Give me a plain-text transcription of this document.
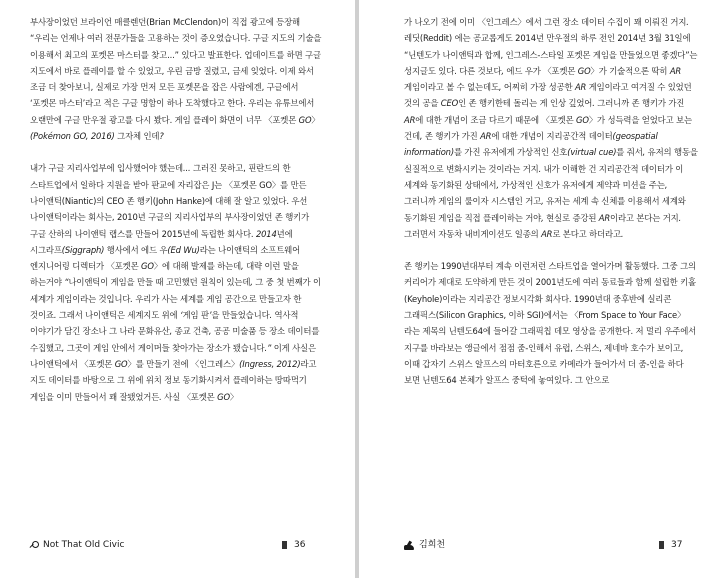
부사장이었던 브라이언 매클렌던(Brian McClendon)이 직접 광고에 등장해 “우리는 언제나 여러 전문가들을 고용하는 것이 증오였습니다. 구글 지도의 기술을 이용해서 최고의 포켓몬 마스터를 찾고...” 있다고 발표한다. 업데이트를 하면 구글 지도에서 바로 플레이를 할 수 있었고, 우린 금방 질렸고, 금세 잊었다. 이제 와서 조금 더 찾아보니, 실제로 가장 먼저 모든 포켓몬을 잡은 사람에겐, 구글에서 ‘포켓몬 마스터’라고 적은 구글 명함이 하나 도착했다고 한다. 우리는 유튜브에서 오랜만에 구글 만우절 광고를 다시 봤다. 게임 플레이 화면이 너무 〈포켓몬 GO〉(Pokémon GO, 2016) 그자체 인데?

내가 구글 지리사업부에 입사했어야 했는데... 그러진 못하고, 핀란드의 한 스타트업에서 일하다 지원을 받아 판교에 자리잡은 J는 〈포켓몬 GO〉를 만든 나이앤틱(Niantic)의 CEO 존 행키(John Hanke)에 대해 잘 알고 있었다. 우선 나이앤틱이라는 회사는, 2010년 구글의 지리사업부의 부사장이었던 존 행키가 구글 산하의 나이앤틱 랩스를 만들어 2015년에 독립한 회사다. 2014년에 시그라프(Siggraph) 행사에서 에드 우(Ed Wu)라는 나이앤틱의 소프트웨어 엔지니어링 디렉터가 〈포켓몬 GO〉에 대해 발제를 하는데, 대략 이런 말을 하는거야 “나이앤틱이 게임을 만들 때 고민했던 원칙이 있는데, 그 중 첫 번째가 이 세계가 게임이라는 것입니다. 우리가 사는 세계를 게임 공간으로 만들고자 한 것이죠. 그래서 나이앤틱은 세계지도 위에 ‘게임 판’을 만들었습니다. 역사적 이야기가 담긴 장소나 그 나라 문화유산, 종교 건축, 공공 미술품 등 장소 데이터를 수집했고, 그곳이 게임 안에서 게이머들 찾아가는 장소가 됐습니다.” 이게 사실은 나이앤틱에서 〈포켓몬 GO〉를 만들기 전에 〈인그레스〉(Ingress, 2012)라고 지도 데이터를 바탕으로 그 위에 위치 정보 동기화시켜서 플레이하는 땅따먹기 게임을 이미 만들어서 꽤 잘됐었거든. 사실 〈포켓몬 GO〉

Not That Old Civic	36

가 나오기 전에 이미 〈인그레스〉에서 그런 장소 데이터 수집이 꽤 이뤄진 거지. 레딧(Reddit) 에는 공교롭게도 2014년 만우절의 하루 전인 2014년 3월 31일에 “닌텐도가 나이앤틱과 합께, 인그레스-스타일 포켓몬 게임을 만들었으면 좋겠다”는 성지글도 있다. 다른 것보다, 에드 우가 〈포켓몬 GO〉가 기술적으론 딱히 AR 게임이라고 볼 수 없는데도, 어찌히 가장 성공한 AR 게임이라고 여겨질 수 있었던 것의 공을 CEO인 존 행키한테 돌리는 게 인상 깊었어. 그러니까 존 행키가 가진 AR에 대한 개념이 조금 다르기 때문에 〈포켓몬 GO〉가 성득력을 얻었다고 보는 건데, 존 행키가 가진 AR에 대한 개념이 지리공간적 데이터(geospatial information)를 가진 유저에게 가상적인 신호(virtual cue)를 줘서, 유저의 행동을 실질적으로 변화시키는 것이라는 거지. 내가 이해한 건 지리공간적 데이터가 이 세계와 동기화된 상태에서, 가상적인 신호가 유저에게 제약과 미션을 주는, 그러니까 게임의 룰이자 시스템인 거고, 유저는 세계 속 신체를 이용해서 세계와 동기화된 게임을 직접 플레이하는 거야, 현실로 증강된 AR이라고 본다는 거지. 그러면서 자동차 내비게이션도 일종의 AR로 본다고 하더라고.

존 행키는 1990년대부터 계속 이런저런 스타트업을 열어가며 활동했다. 그중 그의 커리어가 제대로 도약하게 만든 것이 2001년도에 여러 동료들과 함께 설립한 키홀(Keyhole)이라는 지리공간 정보시각화 회사다. 1990년대 중후반에 실리콘 그래픽스(Silicon Graphics, 이하 SGI)에서는 〈From Space to Your Face〉라는 제목의 닌텐도64에 들어갈 그래픽칩 데모 영상을 공개한다. 저 멀리 우주에서 지구를 바라보는 앵글에서 점점 줌-인해서 유럽, 스위스, 제네바 호수가 보이고, 이때 갑자기 스위스 알프스의 마터호른으로 카메라가 들어가서 더 줌-인을 하다 보면 닌텐도64 본체가 알프스 중턱에 놓여있다. 그 안으로

김희천	37
